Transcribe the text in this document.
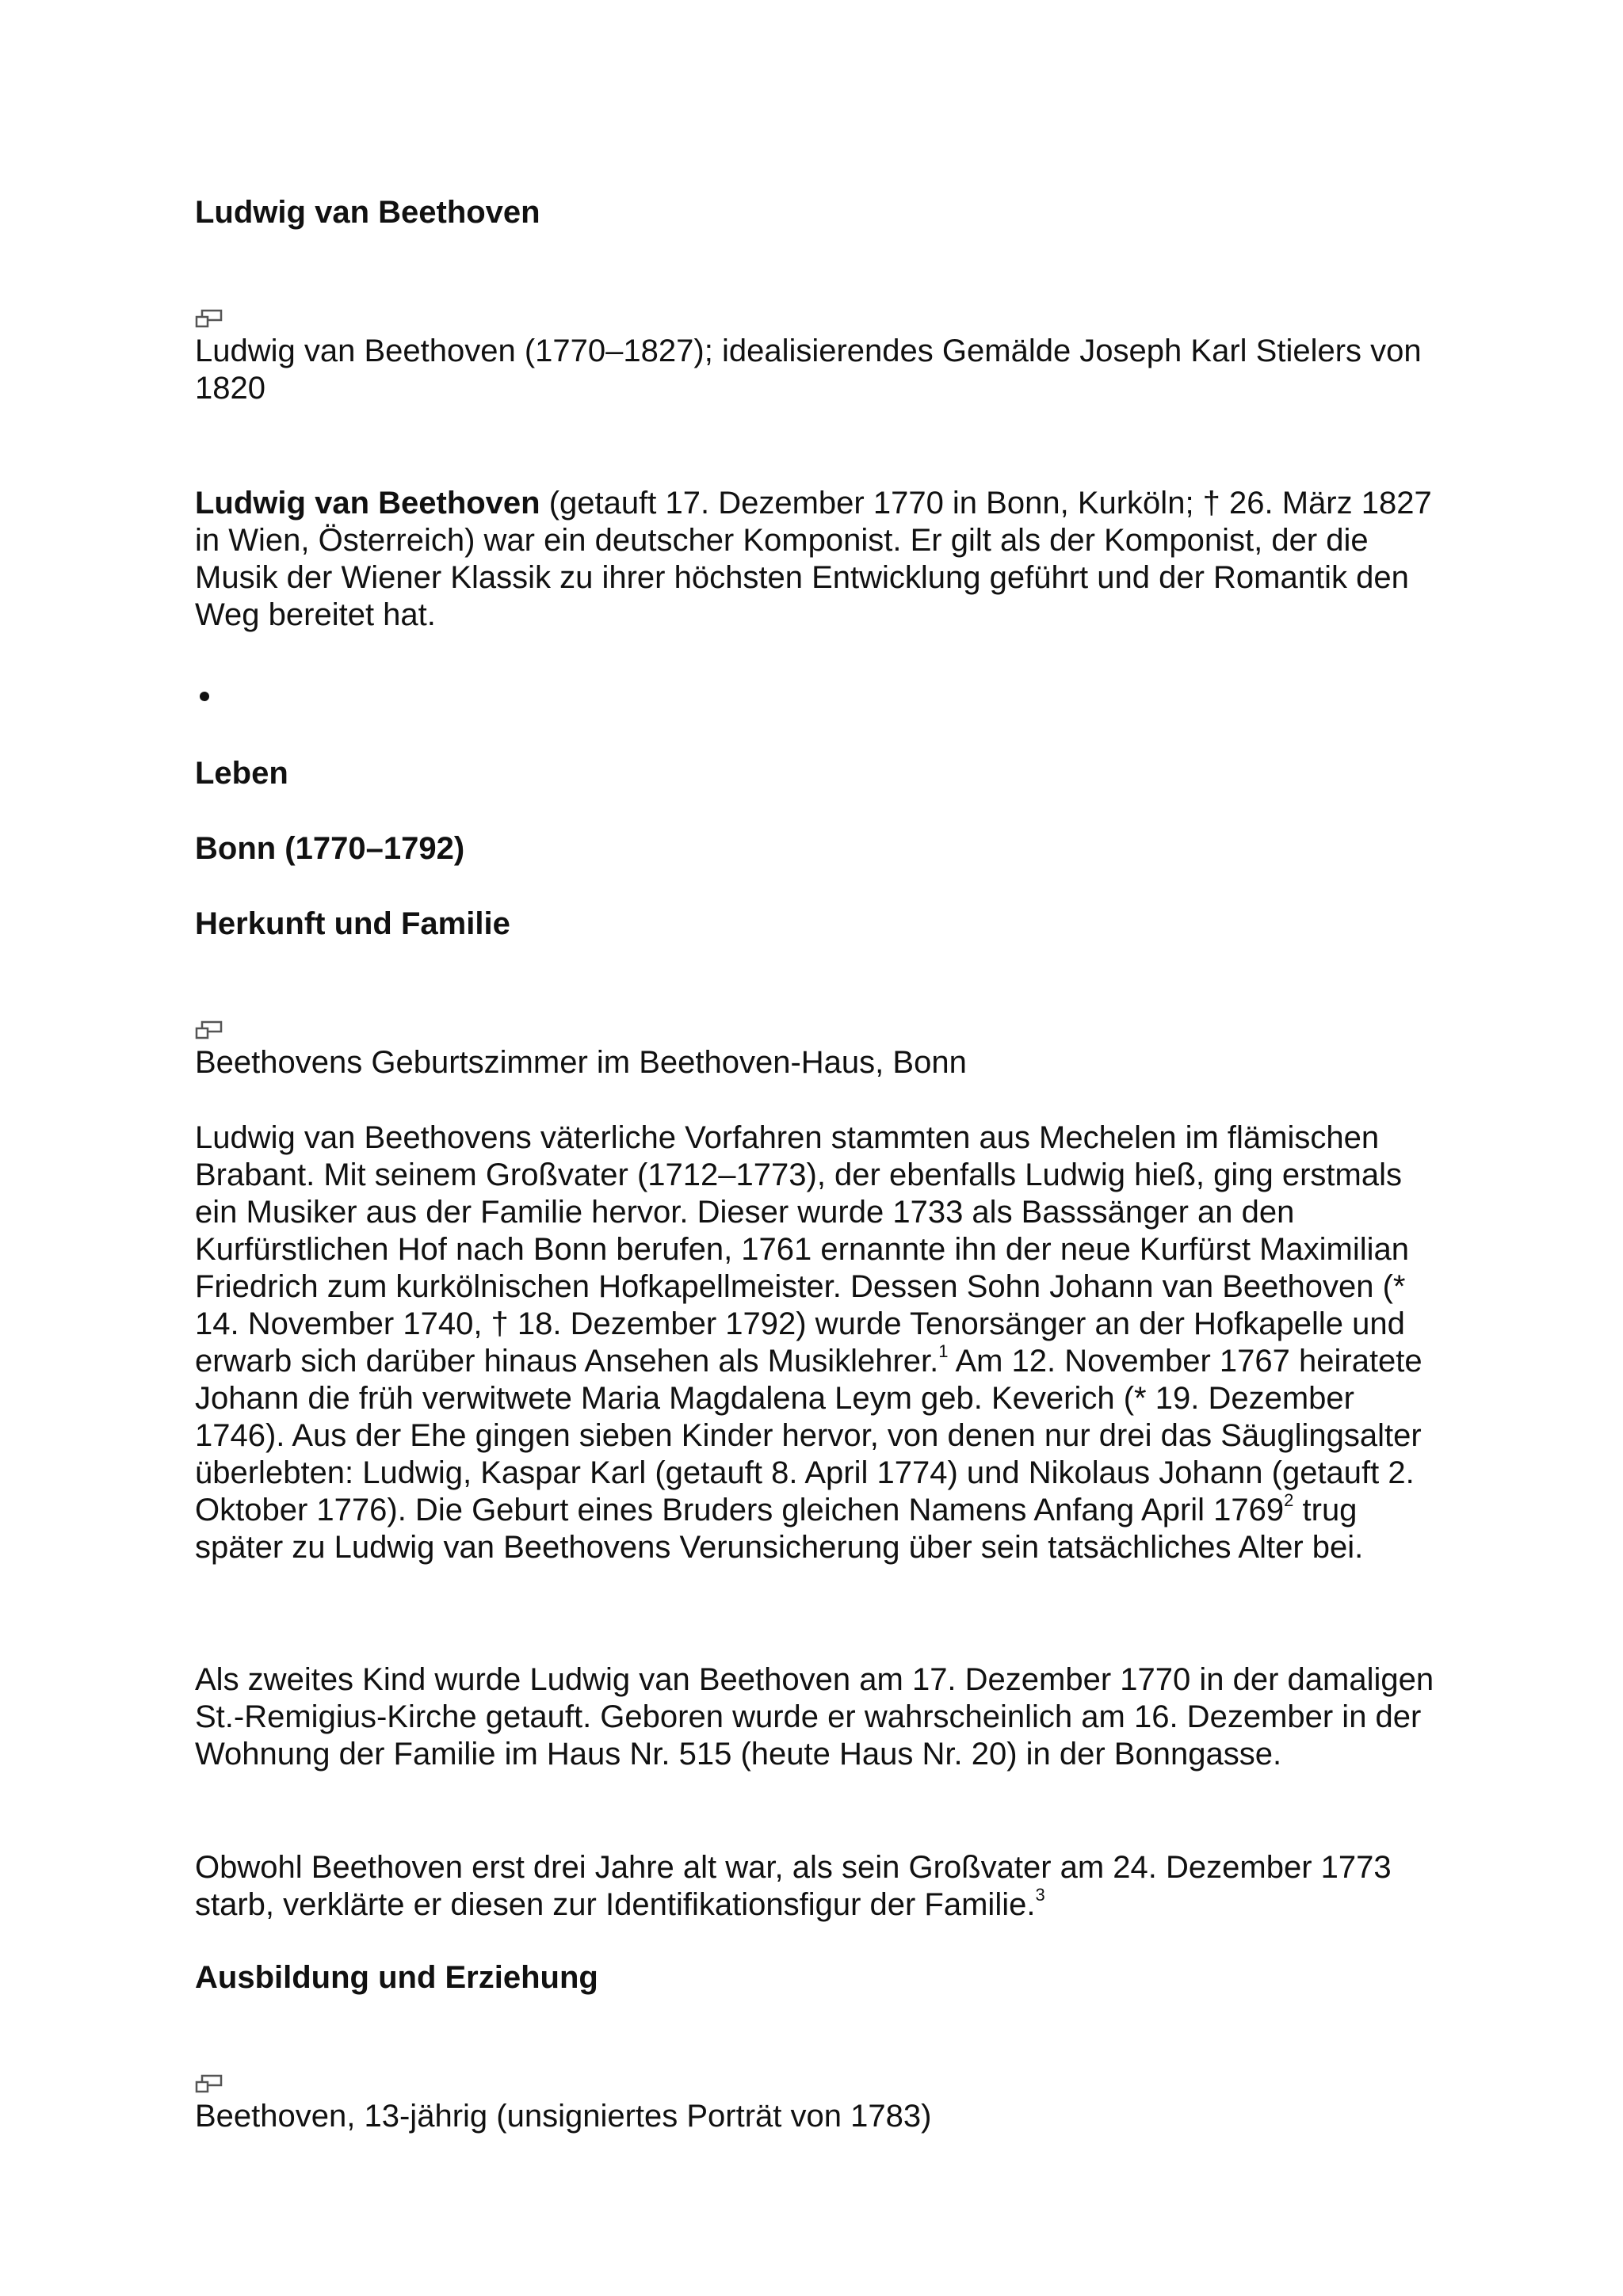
Ludwig van Beethoven

Ludwig van Beethoven (1770–1827); idealisierendes Gemälde Joseph Karl Stielers von 1820

Ludwig van Beethoven (getauft 17. Dezember 1770 in Bonn, Kurköln; † 26. März 1827 in Wien, Österreich) war ein deutscher Komponist. Er gilt als der Komponist, der die Musik der Wiener Klassik zu ihrer höchsten Entwicklung geführt und der Romantik den Weg bereitet hat.

Leben
Bonn (1770–1792)
Herkunft und Familie

Beethovens Geburtszimmer im Beethoven-Haus, Bonn

Ludwig van Beethovens väterliche Vorfahren stammten aus Mechelen im flämischen Brabant. Mit seinem Großvater (1712–1773), der ebenfalls Ludwig hieß, ging erstmals ein Musiker aus der Familie hervor. Dieser wurde 1733 als Basssänger an den Kurfürstlichen Hof nach Bonn berufen, 1761 ernannte ihn der neue Kurfürst Maximilian Friedrich zum kurkölnischen Hofkapellmeister. Dessen Sohn Johann van Beethoven (* 14. November 1740, † 18. Dezember 1792) wurde Tenorsänger an der Hofkapelle und erwarb sich darüber hinaus Ansehen als Musiklehrer.$^1$ Am 12. November 1767 heiratete Johann die früh verwitwete Maria Magdalena Leym geb. Keverich (* 19. Dezember 1746). Aus der Ehe gingen sieben Kinder hervor, von denen nur drei das Säuglingsalter überlebten: Ludwig, Kaspar Karl (getauft 8. April 1774) und Nikolaus Johann (getauft 2. Oktober 1776). Die Geburt eines Bruders gleichen Namens Anfang April 1769$^2$ trug später zu Ludwig van Beethovens Verunsicherung über sein tatsächliches Alter bei.

Als zweites Kind wurde Ludwig van Beethoven am 17. Dezember 1770 in der damaligen St.-Remigius-Kirche getauft. Geboren wurde er wahrscheinlich am 16. Dezember in der Wohnung der Familie im Haus Nr. 515 (heute Haus Nr. 20) in der Bonngasse.

Obwohl Beethoven erst drei Jahre alt war, als sein Großvater am 24. Dezember 1773 starb, verklärte er diesen zur Identifikationsfigur der Familie.$^3$

Ausbildung und Erziehung

Beethoven, 13-jährig (unsigniertes Porträt von 1783)
